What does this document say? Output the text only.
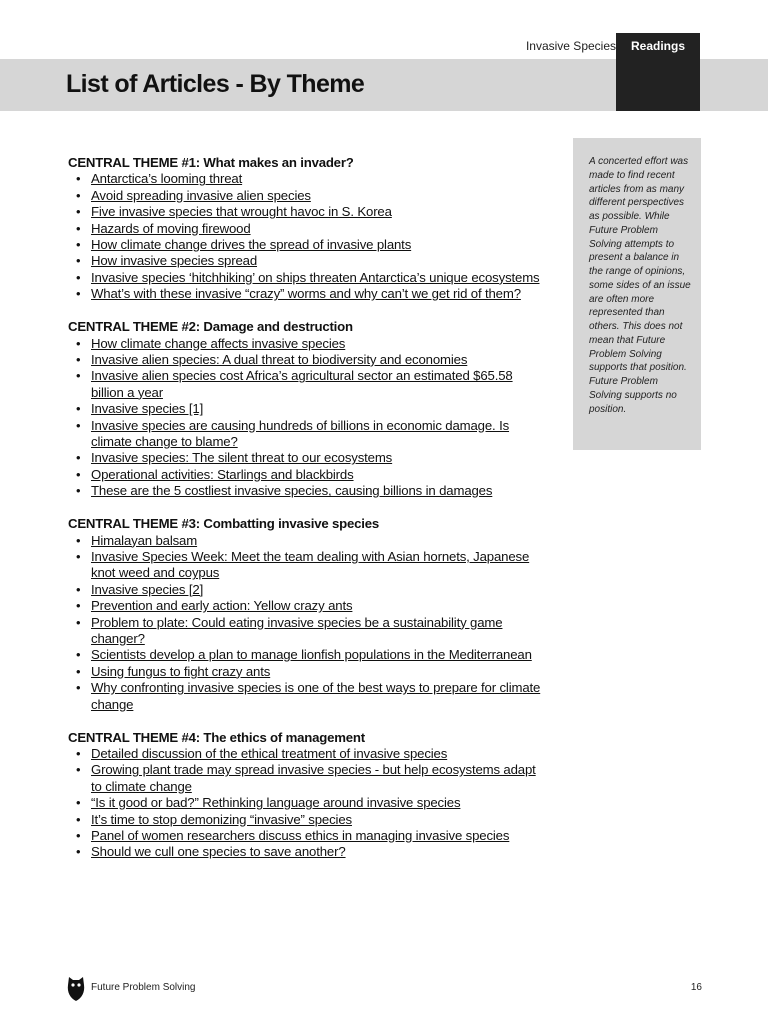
Invasive Species	Readings
List of Articles - By Theme
CENTRAL THEME #1: What makes an invader?
• Antarctica’s looming threat
• Avoid spreading invasive alien species
• Five invasive species that wrought havoc in S. Korea
• Hazards of moving firewood
• How climate change drives the spread of invasive plants
• How invasive species spread
• Invasive species ‘hitchhiking’ on ships threaten Antarctica’s unique ecosystems
• What’s with these invasive “crazy” worms and why can’t we get rid of them?
CENTRAL THEME #2: Damage and destruction
• How climate change affects invasive species
• Invasive alien species: A dual threat to biodiversity and economies
• Invasive alien species cost Africa’s agricultural sector an estimated $65.58 billion a year
• Invasive species [1]
• Invasive species are causing hundreds of billions in economic damage. Is climate change to blame?
• Invasive species: The silent threat to our ecosystems
• Operational activities: Starlings and blackbirds
• These are the 5 costliest invasive species, causing billions in damages
CENTRAL THEME #3: Combatting invasive species
• Himalayan balsam
• Invasive Species Week: Meet the team dealing with Asian hornets, Japanese knot weed and coypus
• Invasive species [2]
• Prevention and early action: Yellow crazy ants
• Problem to plate: Could eating invasive species be a sustainability game changer?
• Scientists develop a plan to manage lionfish populations in the Mediterranean
• Using fungus to fight crazy ants
• Why confronting invasive species is one of the best ways to prepare for climate change
CENTRAL THEME #4: The ethics of management
• Detailed discussion of the ethical treatment of invasive species
• Growing plant trade may spread invasive species - but help ecosystems adapt to climate change
• “Is it good or bad?” Rethinking language around invasive species
• It’s time to stop demonizing “invasive” species
• Panel of women researchers discuss ethics in managing invasive species
• Should we cull one species to save another?

A concerted effort was made to find recent articles from as many different perspectives as possible. While Future Problem Solving attempts to present a balance in the range of opinions, some sides of an issue are often more represented than others. This does not mean that Future Problem Solving supports that position. Future Problem Solving supports no position.

Future Problem Solving	16
